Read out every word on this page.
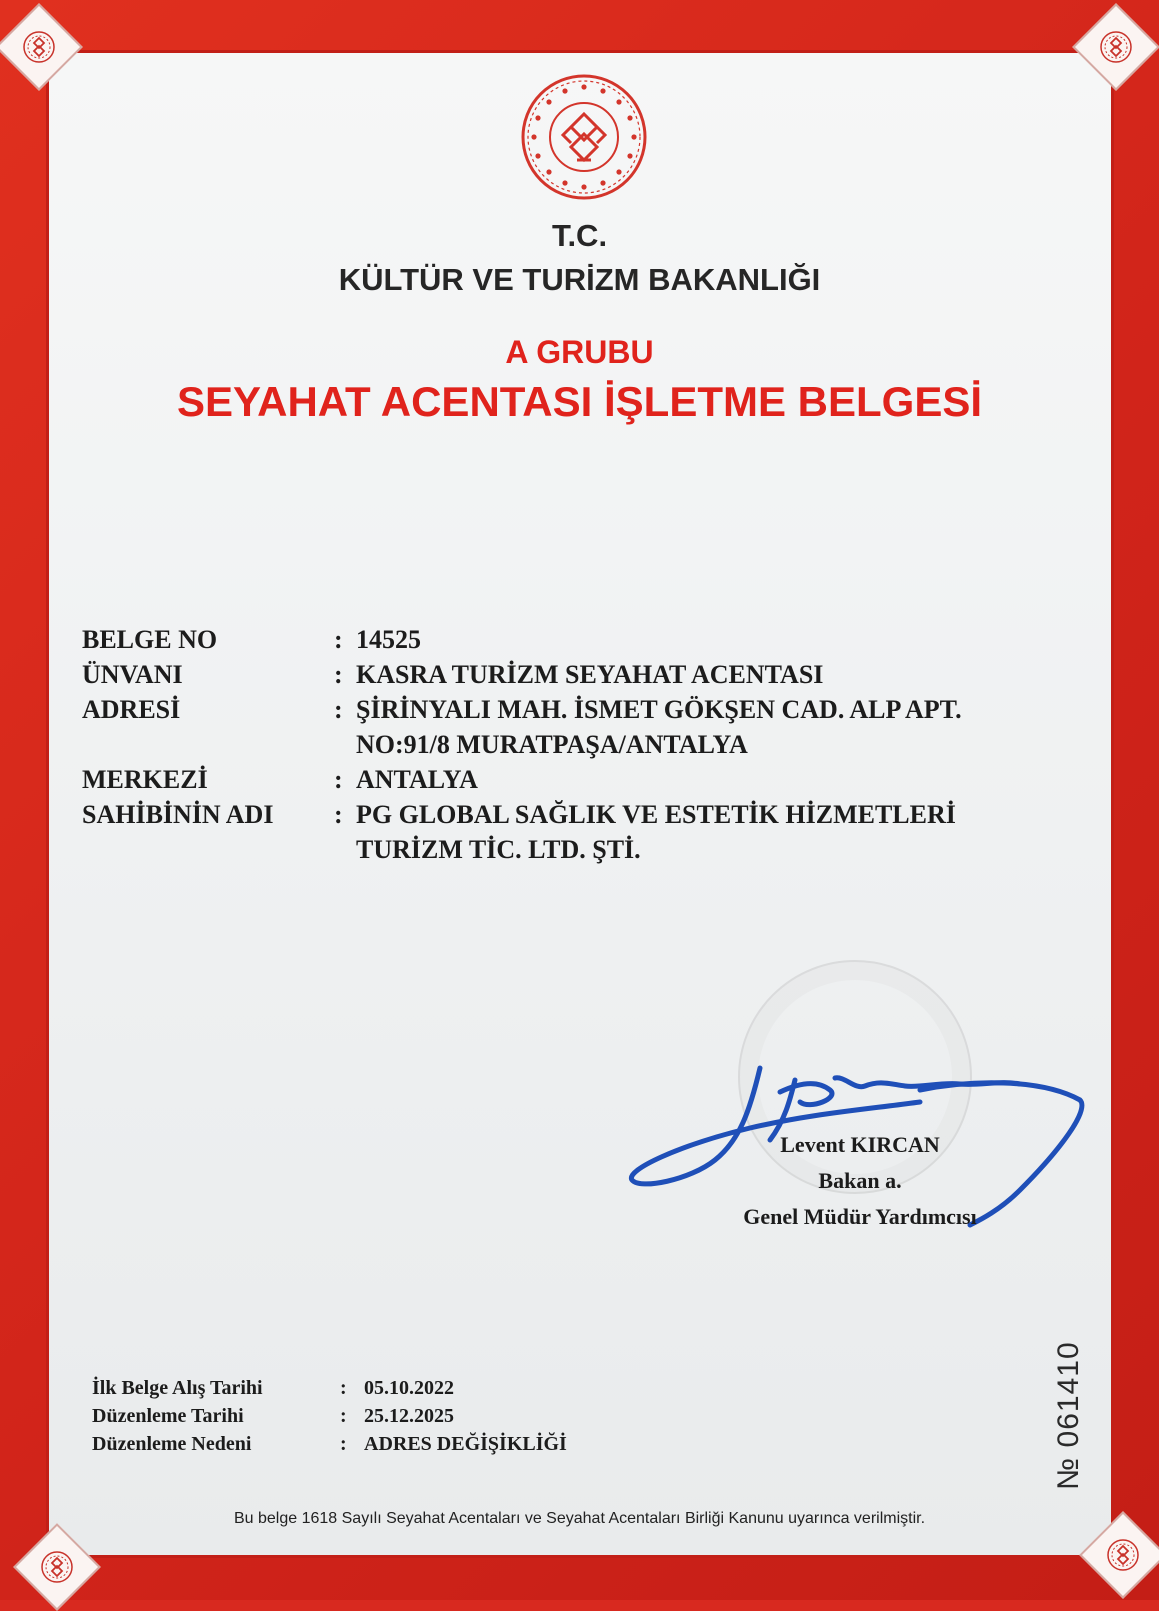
T.C.
KÜLTÜR VE TURİZM BAKANLIĞI
A GRUBU
SEYAHAT ACENTASI İŞLETME BELGESİ
BELGE NO	: 14525
ÜNVANI	: KASRA TURİZM SEYAHAT ACENTASI
ADRESİ	: ŞİRİNYALI MAH. İSMET GÖKŞEN CAD. ALP APT.
NO:91/8 MURATPAŞA/ANTALYA
MERKEZİ	: ANTALYA
SAHİBİNİN ADI	: PG GLOBAL SAĞLIK VE ESTETİK HİZMETLERİ
TURİZM TİC. LTD. ŞTİ.
Levent KIRCAN
Bakan a.
Genel Müdür Yardımcısı
İlk Belge Alış Tarihi	: 05.10.2022
Düzenleme Tarihi	: 25.12.2025
Düzenleme Nedeni	: ADRES DEĞİŞİKLİĞİ	№ 061410
Bu belge 1618 Sayılı Seyahat Acentaları ve Seyahat Acentaları Birliği Kanunu uyarınca verilmiştir.
